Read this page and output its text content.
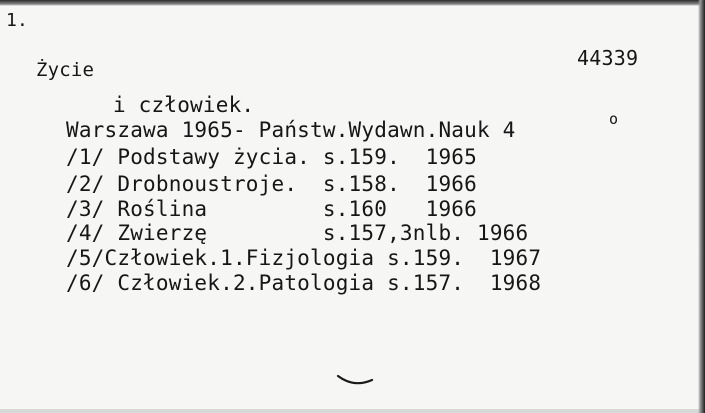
1.
Życie	44339
i człowiek.
Warszawa 1965- Państw.Wydawn.Nauk 4	o
/1/ Podstawy życia. s.159.  1965
/2/ Drobnoustroje.  s.158.  1966
/3/ Roślina         s.160   1966
/4/ Zwierzę         s.157,3nlb. 1966
/5/Człowiek.1.Fizjologia s.159.  1967
/6/ Człowiek.2.Patologia s.157.  1968
